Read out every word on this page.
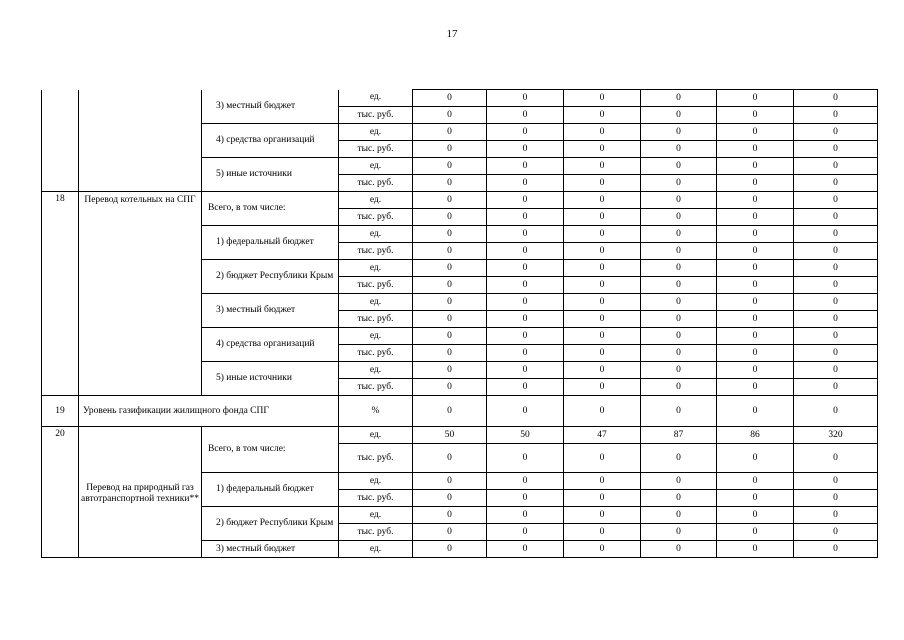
17
		3) местный бюджет	ед.	0	0	0	0	0	0
			тыс. руб.	0	0	0	0	0	0
		4) средства организаций	ед.	0	0	0	0	0	0
			тыс. руб.	0	0	0	0	0	0
		5) иные источники	ед.	0	0	0	0	0	0
			тыс. руб.	0	0	0	0	0	0
18	Перевод котельных на СПГ	Всего, в том числе:	ед.	0	0	0	0	0	0
			тыс. руб.	0	0	0	0	0	0
		1) федеральный бюджет	ед.	0	0	0	0	0	0
			тыс. руб.	0	0	0	0	0	0
		2) бюджет Республики Крым	ед.	0	0	0	0	0	0
			тыс. руб.	0	0	0	0	0	0
		3) местный бюджет	ед.	0	0	0	0	0	0
			тыс. руб.	0	0	0	0	0	0
		4) средства организаций	ед.	0	0	0	0	0	0
			тыс. руб.	0	0	0	0	0	0
		5) иные источники	ед.	0	0	0	0	0	0
			тыс. руб.	0	0	0	0	0	0
19	Уровень газификации жилищного фонда СПГ		%	0	0	0	0	0	0
20	Перевод на природный газ автотранспортной техники**	Всего, в том числе:	ед.	50	50	47	87	86	320
			тыс. руб.	0	0	0	0	0	0
		1) федеральный бюджет	ед.	0	0	0	0	0	0
			тыс. руб.	0	0	0	0	0	0
		2) бюджет Республики Крым	ед.	0	0	0	0	0	0
			тыс. руб.	0	0	0	0	0	0
		3) местный бюджет	ед.	0	0	0	0	0	0
